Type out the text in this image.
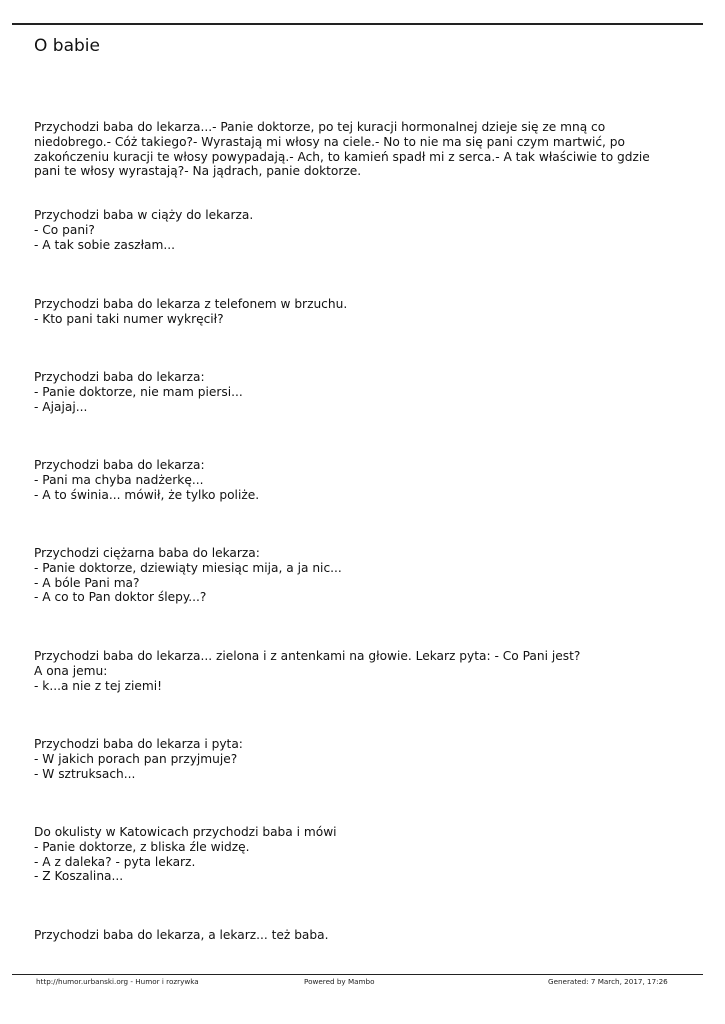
O babie

Przychodzi baba do lekarza...- Panie doktorze, po tej kuracji hormonalnej dzieje się ze mną co niedobrego.- Cóż takiego?- Wyrastają mi włosy na ciele.- No to nie ma się pani czym martwić, po zakończeniu kuracji te włosy powypadają.- Ach, to kamień spadł mi z serca.- A tak właściwie to gdzie pani te włosy wyrastają?- Na jądrach, panie doktorze.

Przychodzi baba w ciąży do lekarza.
- Co pani?
- A tak sobie zaszłam...

Przychodzi baba do lekarza z telefonem w brzuchu.
- Kto pani taki numer wykręcił?

Przychodzi baba do lekarza:
- Panie doktorze, nie mam piersi...
- Ajajaj...

Przychodzi baba do lekarza:
- Pani ma chyba nadżerkę...
- A to świnia... mówił, że tylko poliże.

Przychodzi ciężarna baba do lekarza:
- Panie doktorze, dziewiąty miesiąc mija, a ja nic...
- A bóle Pani ma?
- A co to Pan doktor ślepy...?

Przychodzi baba do lekarza... zielona i z antenkami na głowie. Lekarz pyta: - Co Pani jest?
A ona jemu:
- k...a nie z tej ziemi!

Przychodzi baba do lekarza i pyta:
- W jakich porach pan przyjmuje?
- W sztruksach...

Do okulisty w Katowicach przychodzi baba i mówi
- Panie doktorze, z bliska źle widzę.
- A z daleka? - pyta lekarz.
- Z Koszalina...

Przychodzi baba do lekarza, a lekarz... też baba.

http://humor.urbanski.org - Humor i rozrywka	Powered by Mambo	Generated: 7 March, 2017, 17:26
